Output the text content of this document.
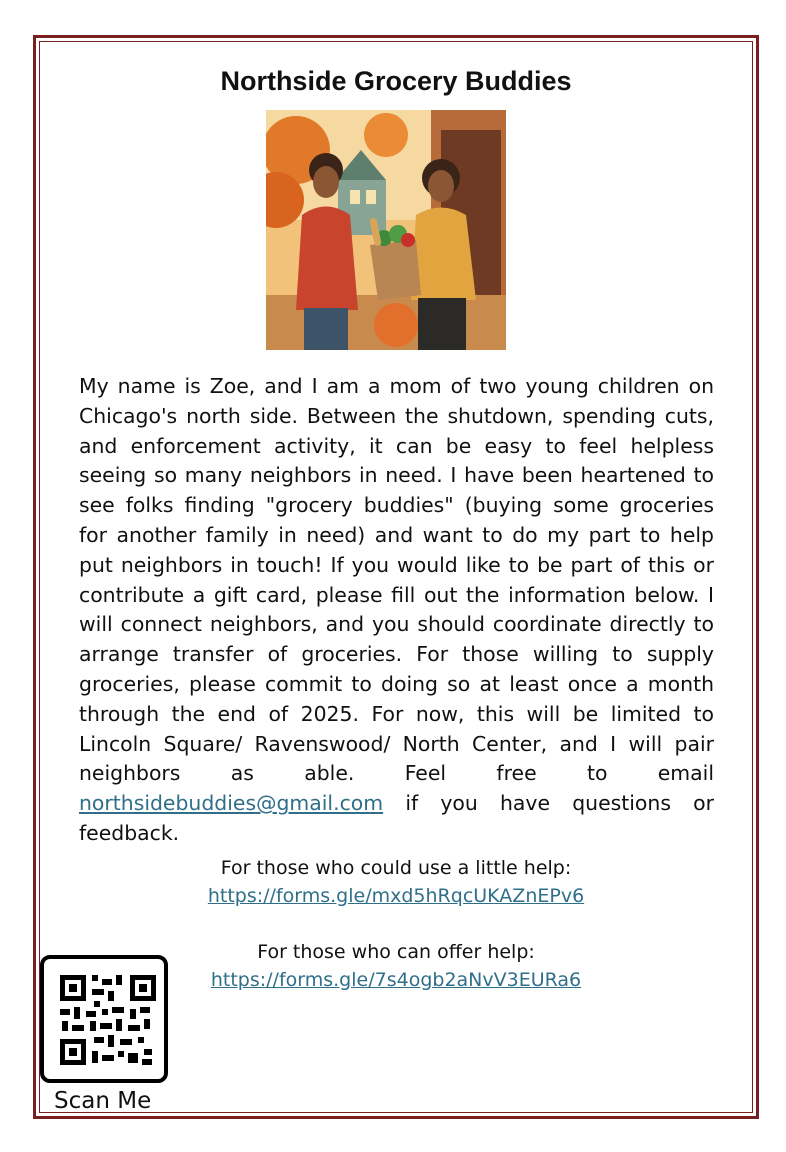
Northside Grocery Buddies

My name is Zoe, and I am a mom of two young children on Chicago's north side. Between the shutdown, spending cuts, and enforcement activity, it can be easy to feel helpless seeing so many neighbors in need. I have been heartened to see folks finding "grocery buddies" (buying some groceries for another family in need) and want to do my part to help put neighbors in touch! If you would like to be part of this or contribute a gift card, please fill out the information below. I will connect neighbors, and you should coordinate directly to arrange transfer of groceries. For those willing to supply groceries, please commit to doing so at least once a month through the end of 2025. For now, this will be limited to Lincoln Square/ Ravenswood/ North Center, and I will pair neighbors as able. Feel free to email northsidebuddies@gmail.com if you have questions or feedback.

For those who could use a little help:
https://forms.gle/mxd5hRqcUKAZnEPv6
For those who can offer help:
https://forms.gle/7s4ogb2aNvV3EURa6
Scan Me
